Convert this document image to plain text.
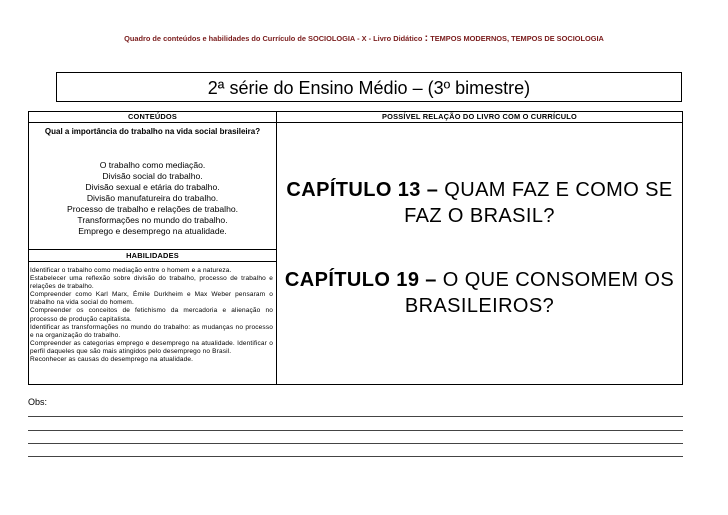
Quadro de conteúdos e habilidades do Currículo de SOCIOLOGIA - X - Livro Didático : TEMPOS MODERNOS, TEMPOS DE SOCIOLOGIA
2ª série do Ensino Médio – (3º bimestre)
CONTEÚDOS
Qual a importância do trabalho na vida social brasileira?
O trabalho como mediação.
Divisão social do trabalho.
Divisão sexual e etária do trabalho.
Divisão manufatureira do trabalho.
Processo de trabalho e relações de trabalho.
Transformações no mundo do trabalho.
Emprego e desemprego na atualidade.
HABILIDADES
Identificar o trabalho como mediação entre o homem e a natureza.
Estabelecer uma reflexão sobre divisão do trabalho, processo de trabalho e relações de trabalho.
Compreender como Karl Marx, Émile Durkheim e Max Weber pensaram o trabalho na vida social do homem.
Compreender os conceitos de fetichismo da mercadoria e alienação no processo de produção capitalista.
Identificar as transformações no mundo do trabalho: as mudanças no processo e na organização do trabalho.
Compreender as categorias emprego e desemprego na atualidade. Identificar o perfil daqueles que são mais atingidos pelo desemprego no Brasil.
Reconhecer as causas do desemprego na atualidade.
POSSÍVEL RELAÇÃO DO LIVRO COM O CURRÍCULO
CAPÍTULO 13 – QUAM FAZ E COMO SE FAZ O BRASIL?
CAPÍTULO 19 – O QUE CONSOMEM OS BRASILEIROS?
Obs:
